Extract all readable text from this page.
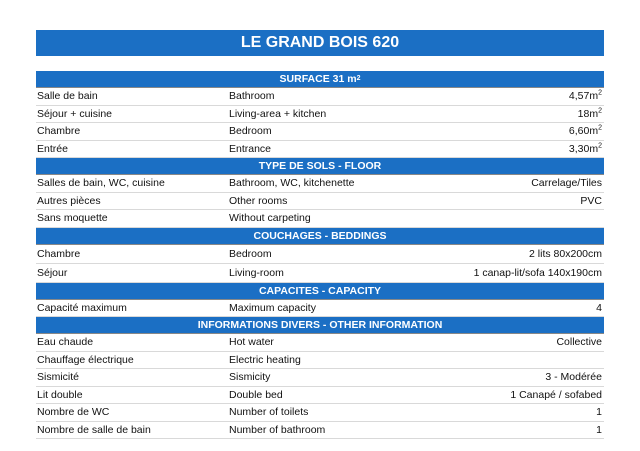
LE GRAND BOIS 620
SURFACE 31 m 2
Salle de bain	Bathroom	$4,57m^2$
Séjour + cuisine	Living-area + kitchen	$18m^2$
Chambre	Bedroom	$6,60m^2$
Entrée	Entrance	$3,30m^2$
TYPE DE SOLS - FLOOR
Salles de bain, WC, cuisine	Bathroom, WC, kitchenette	Carrelage/Tiles
Autres pièces	Other rooms	PVC
Sans moquette	Without carpeting
COUCHAGES - BEDDINGS
Chambre	Bedroom	2 lits 80x200cm
Séjour	Living-room	1 canap-lit/sofa 140x190cm
CAPACITES - CAPACITY
Capacité maximum	Maximum capacity	4
INFORMATIONS DIVERS - OTHER INFORMATION
Eau chaude	Hot water	Collective
Chauffage électrique	Electric heating
Sismicité	Sismicity	3 - Modérée
Lit double	Double bed	1 Canapé / sofabed
Nombre de WC	Number of toilets	1
Nombre de salle de bain	Number of bathroom	1
